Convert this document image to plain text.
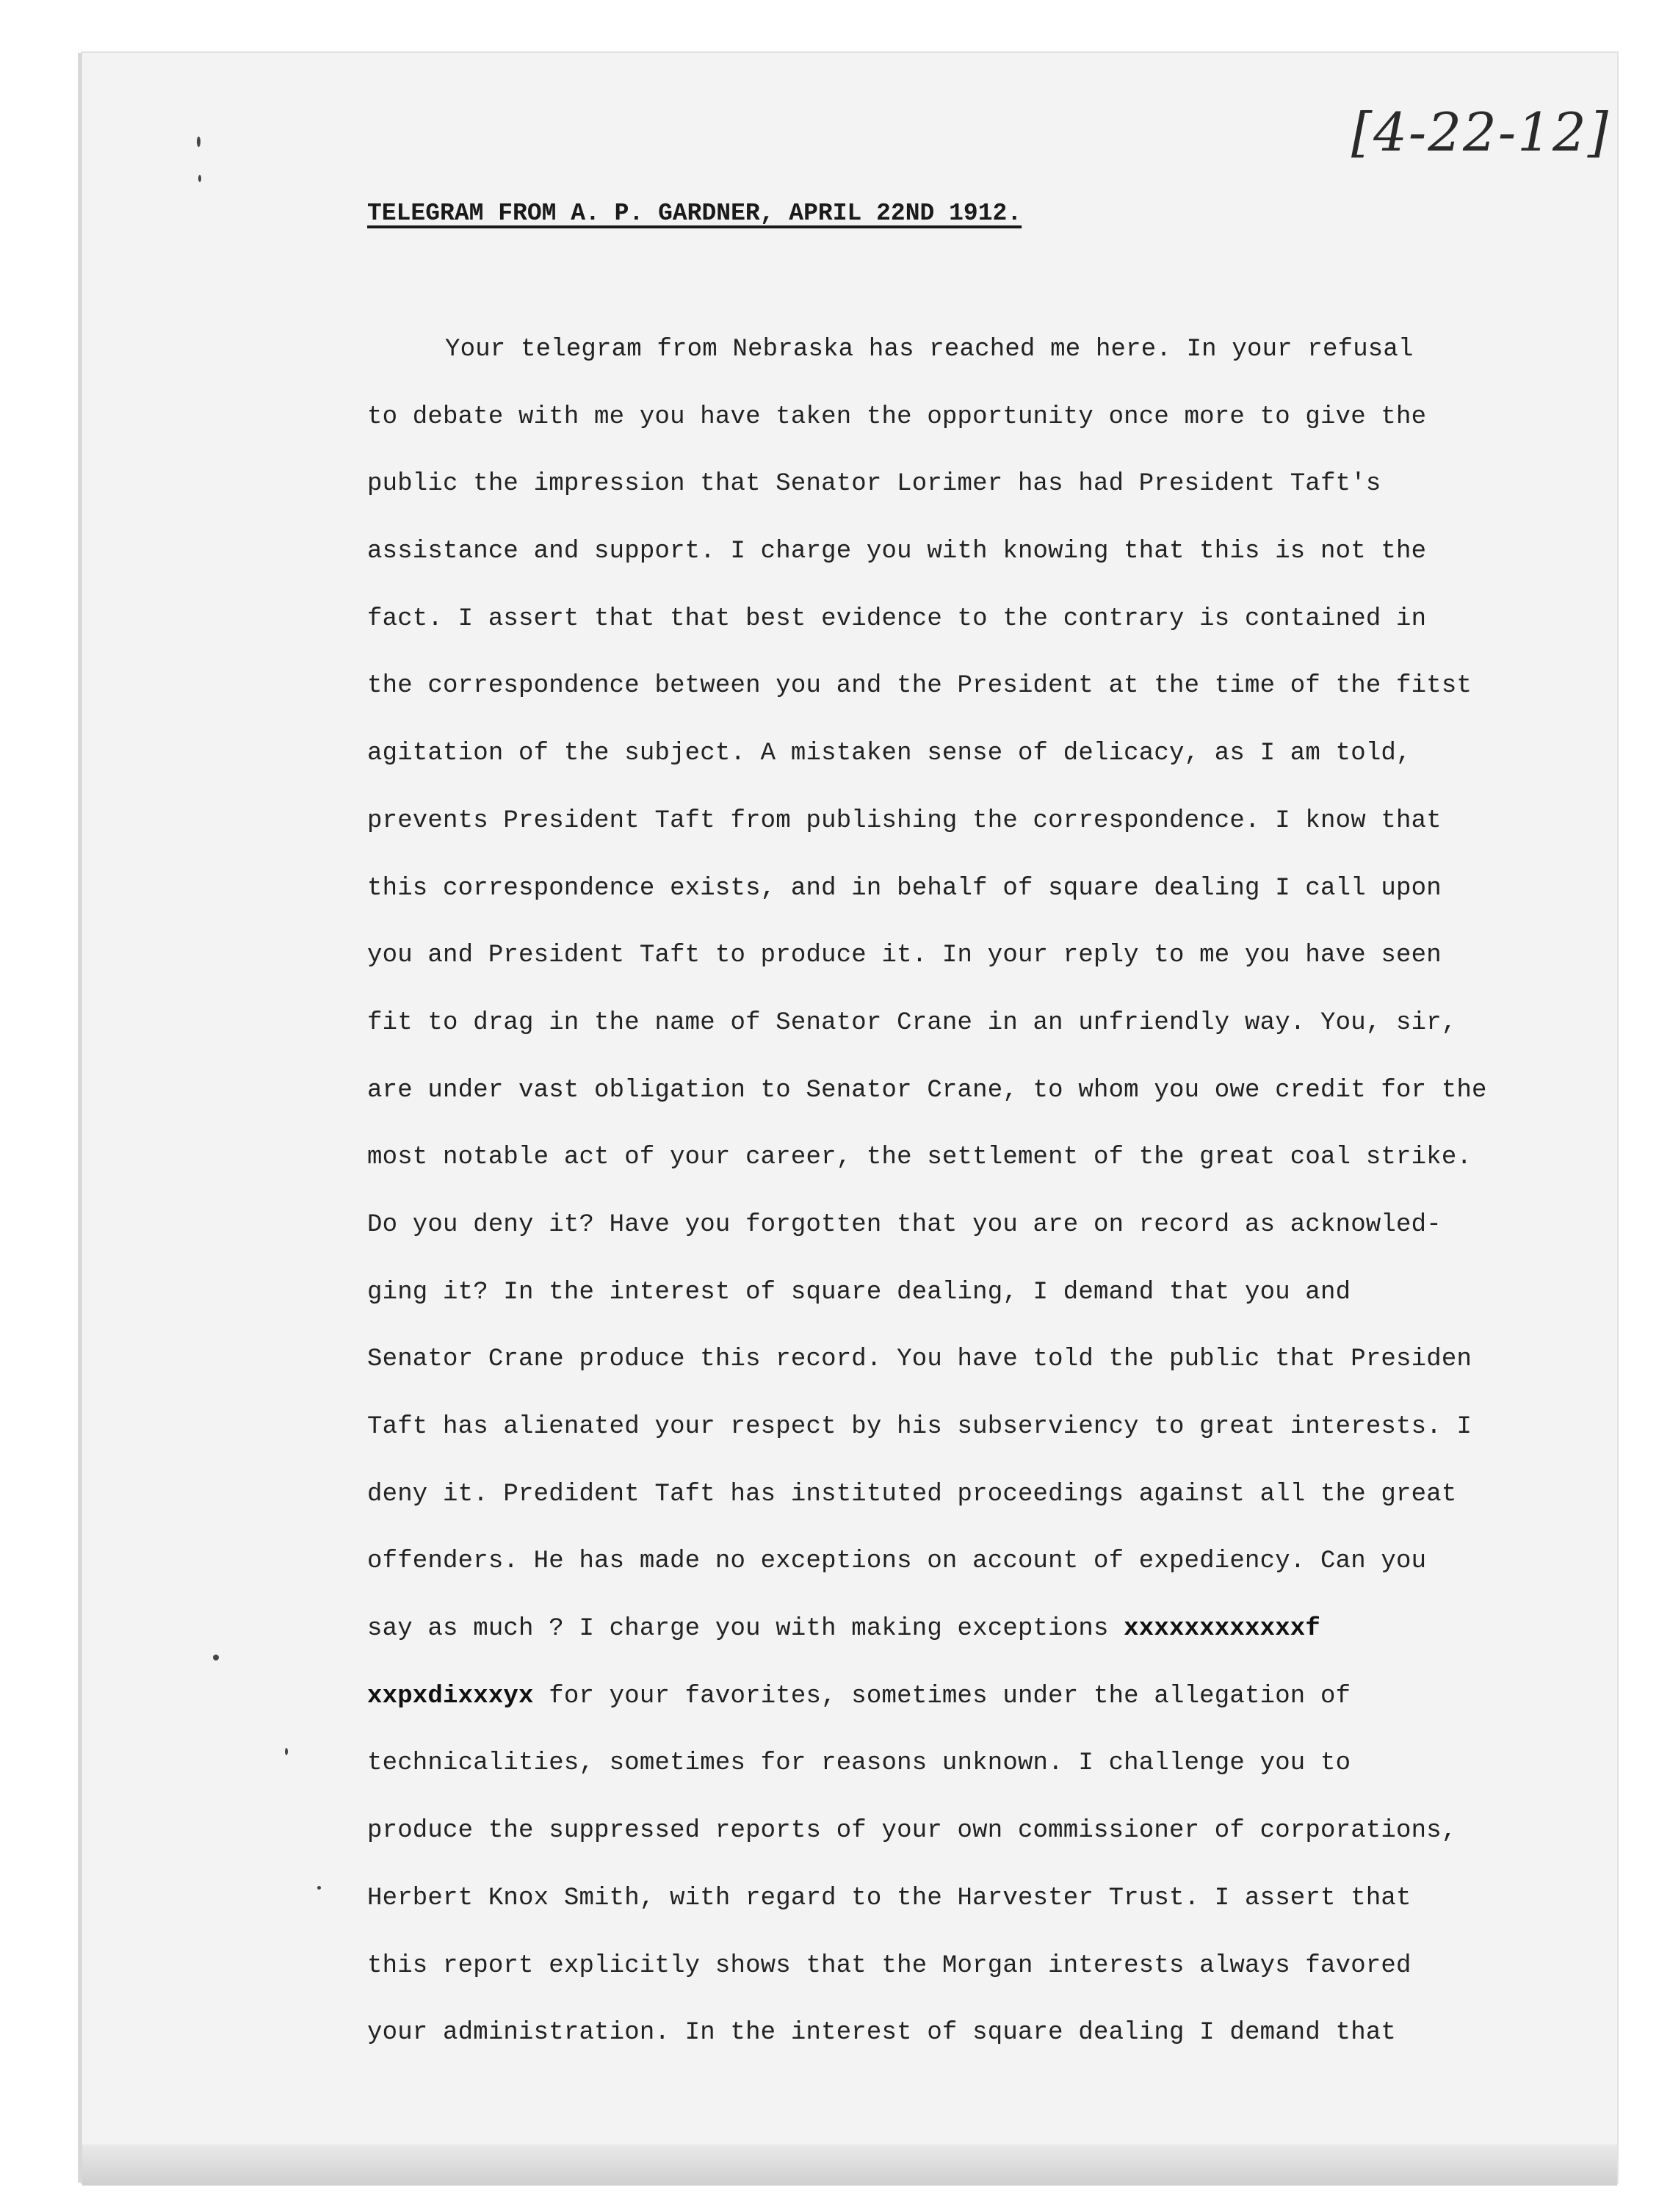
[4-22-12]
TELEGRAM FROM A. P. GARDNER, APRIL 22ND 1912.
Your telegram from Nebraska has reached me here. In your refusal
to debate with me you have taken the opportunity once more to give the
public the impression that Senator Lorimer has had President Taft's
assistance and support. I charge you with knowing that this is not the
fact. I assert that that best evidence to the contrary is contained in
the correspondence between you and the President at the time of the fitst
agitation of the subject. A mistaken sense of delicacy, as I am told,
prevents President Taft from publishing the correspondence. I know that
this correspondence exists, and in behalf of square dealing I call upon
you and President Taft to produce it. In your reply to me you have seen
fit to drag in the name of Senator Crane in an unfriendly way. You, sir,
are under vast obligation to Senator Crane, to whom you owe credit for the
most notable act of your career, the settlement of the great coal strike.
Do you deny it? Have you forgotten that you are on record as acknowled-
ging it? In the interest of square dealing, I demand that you and
Senator Crane produce this record. You have told the public that Presiden
Taft has alienated your respect by his subserviency to great interests. I
deny it. Predident Taft has instituted proceedings against all the great
offenders. He has made no exceptions on account of expediency. Can you
say as much ? I charge you with making exceptions xxxxxxxxxxxxf
xxpxdixxxyx for your favorites, sometimes under the allegation of
technicalities, sometimes for reasons unknown. I challenge you to
produce the suppressed reports of your own commissioner of corporations,
Herbert Knox Smith, with regard to the Harvester Trust. I assert that
this report explicitly shows that the Morgan interests always favored
your administration. In the interest of square dealing I demand that
